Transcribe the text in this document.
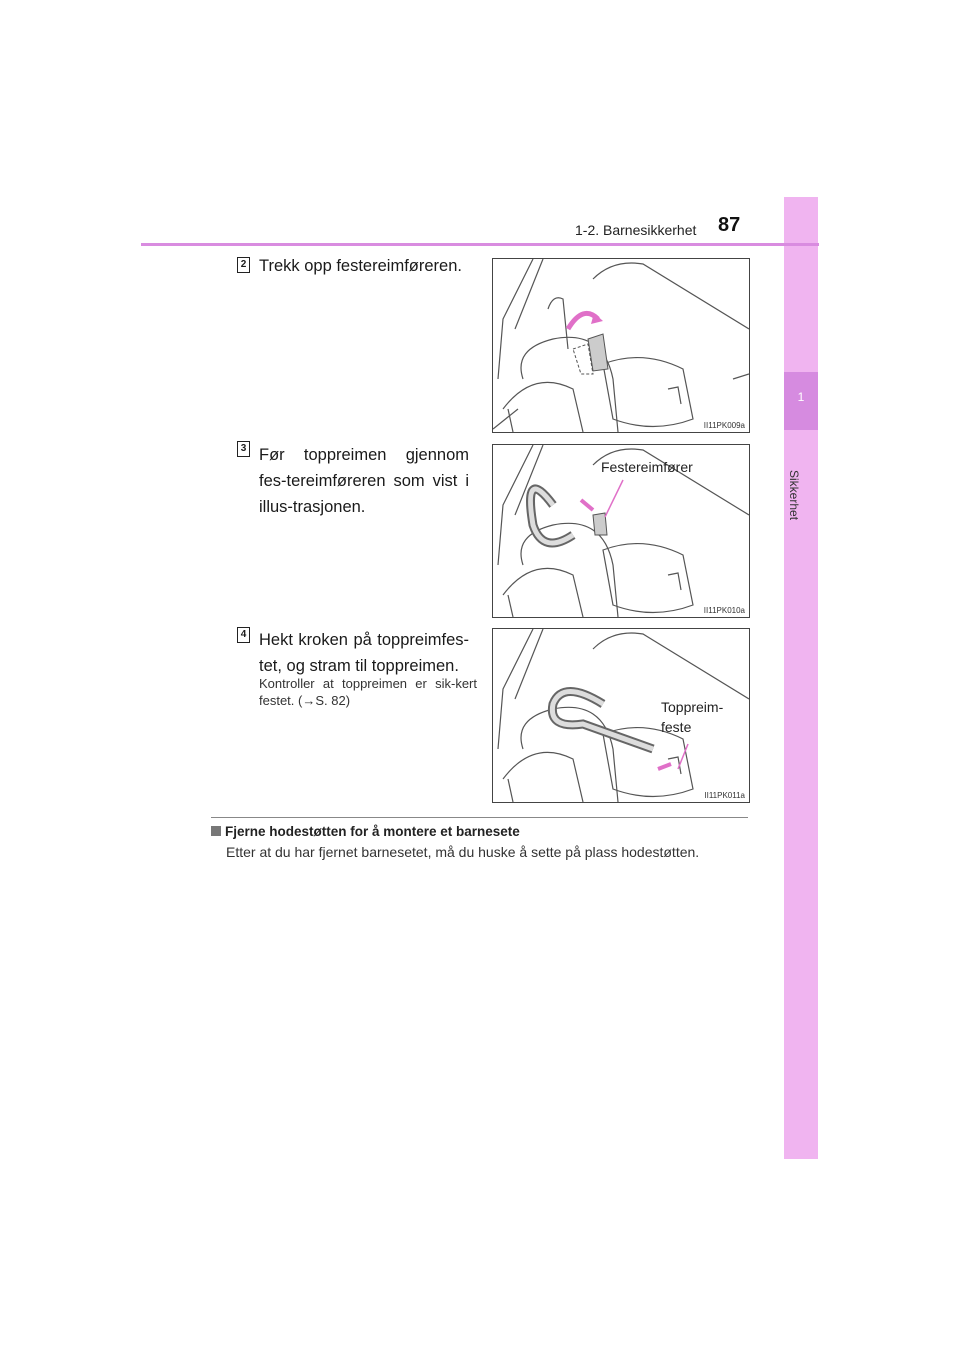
1
Sikkerhet
1-2. Barnesikkerhet 87
2 Trekk opp festereimføreren.
II11PK009a
3 Før toppreimen gjennom fes-tereimføreren som vist i illus-trasjonen.
Festereimfører
II11PK010a
4 Hekt kroken på toppreimfes-tet, og stram til toppreimen.
Kontroller at toppreimen er sik-kert festet. (→S. 82)	Toppreim-
feste
II11PK011a
Fjerne hodestøtten for å montere et barnesete
Etter at du har fjernet barnesetet, må du huske å sette på plass hodestøtten.
